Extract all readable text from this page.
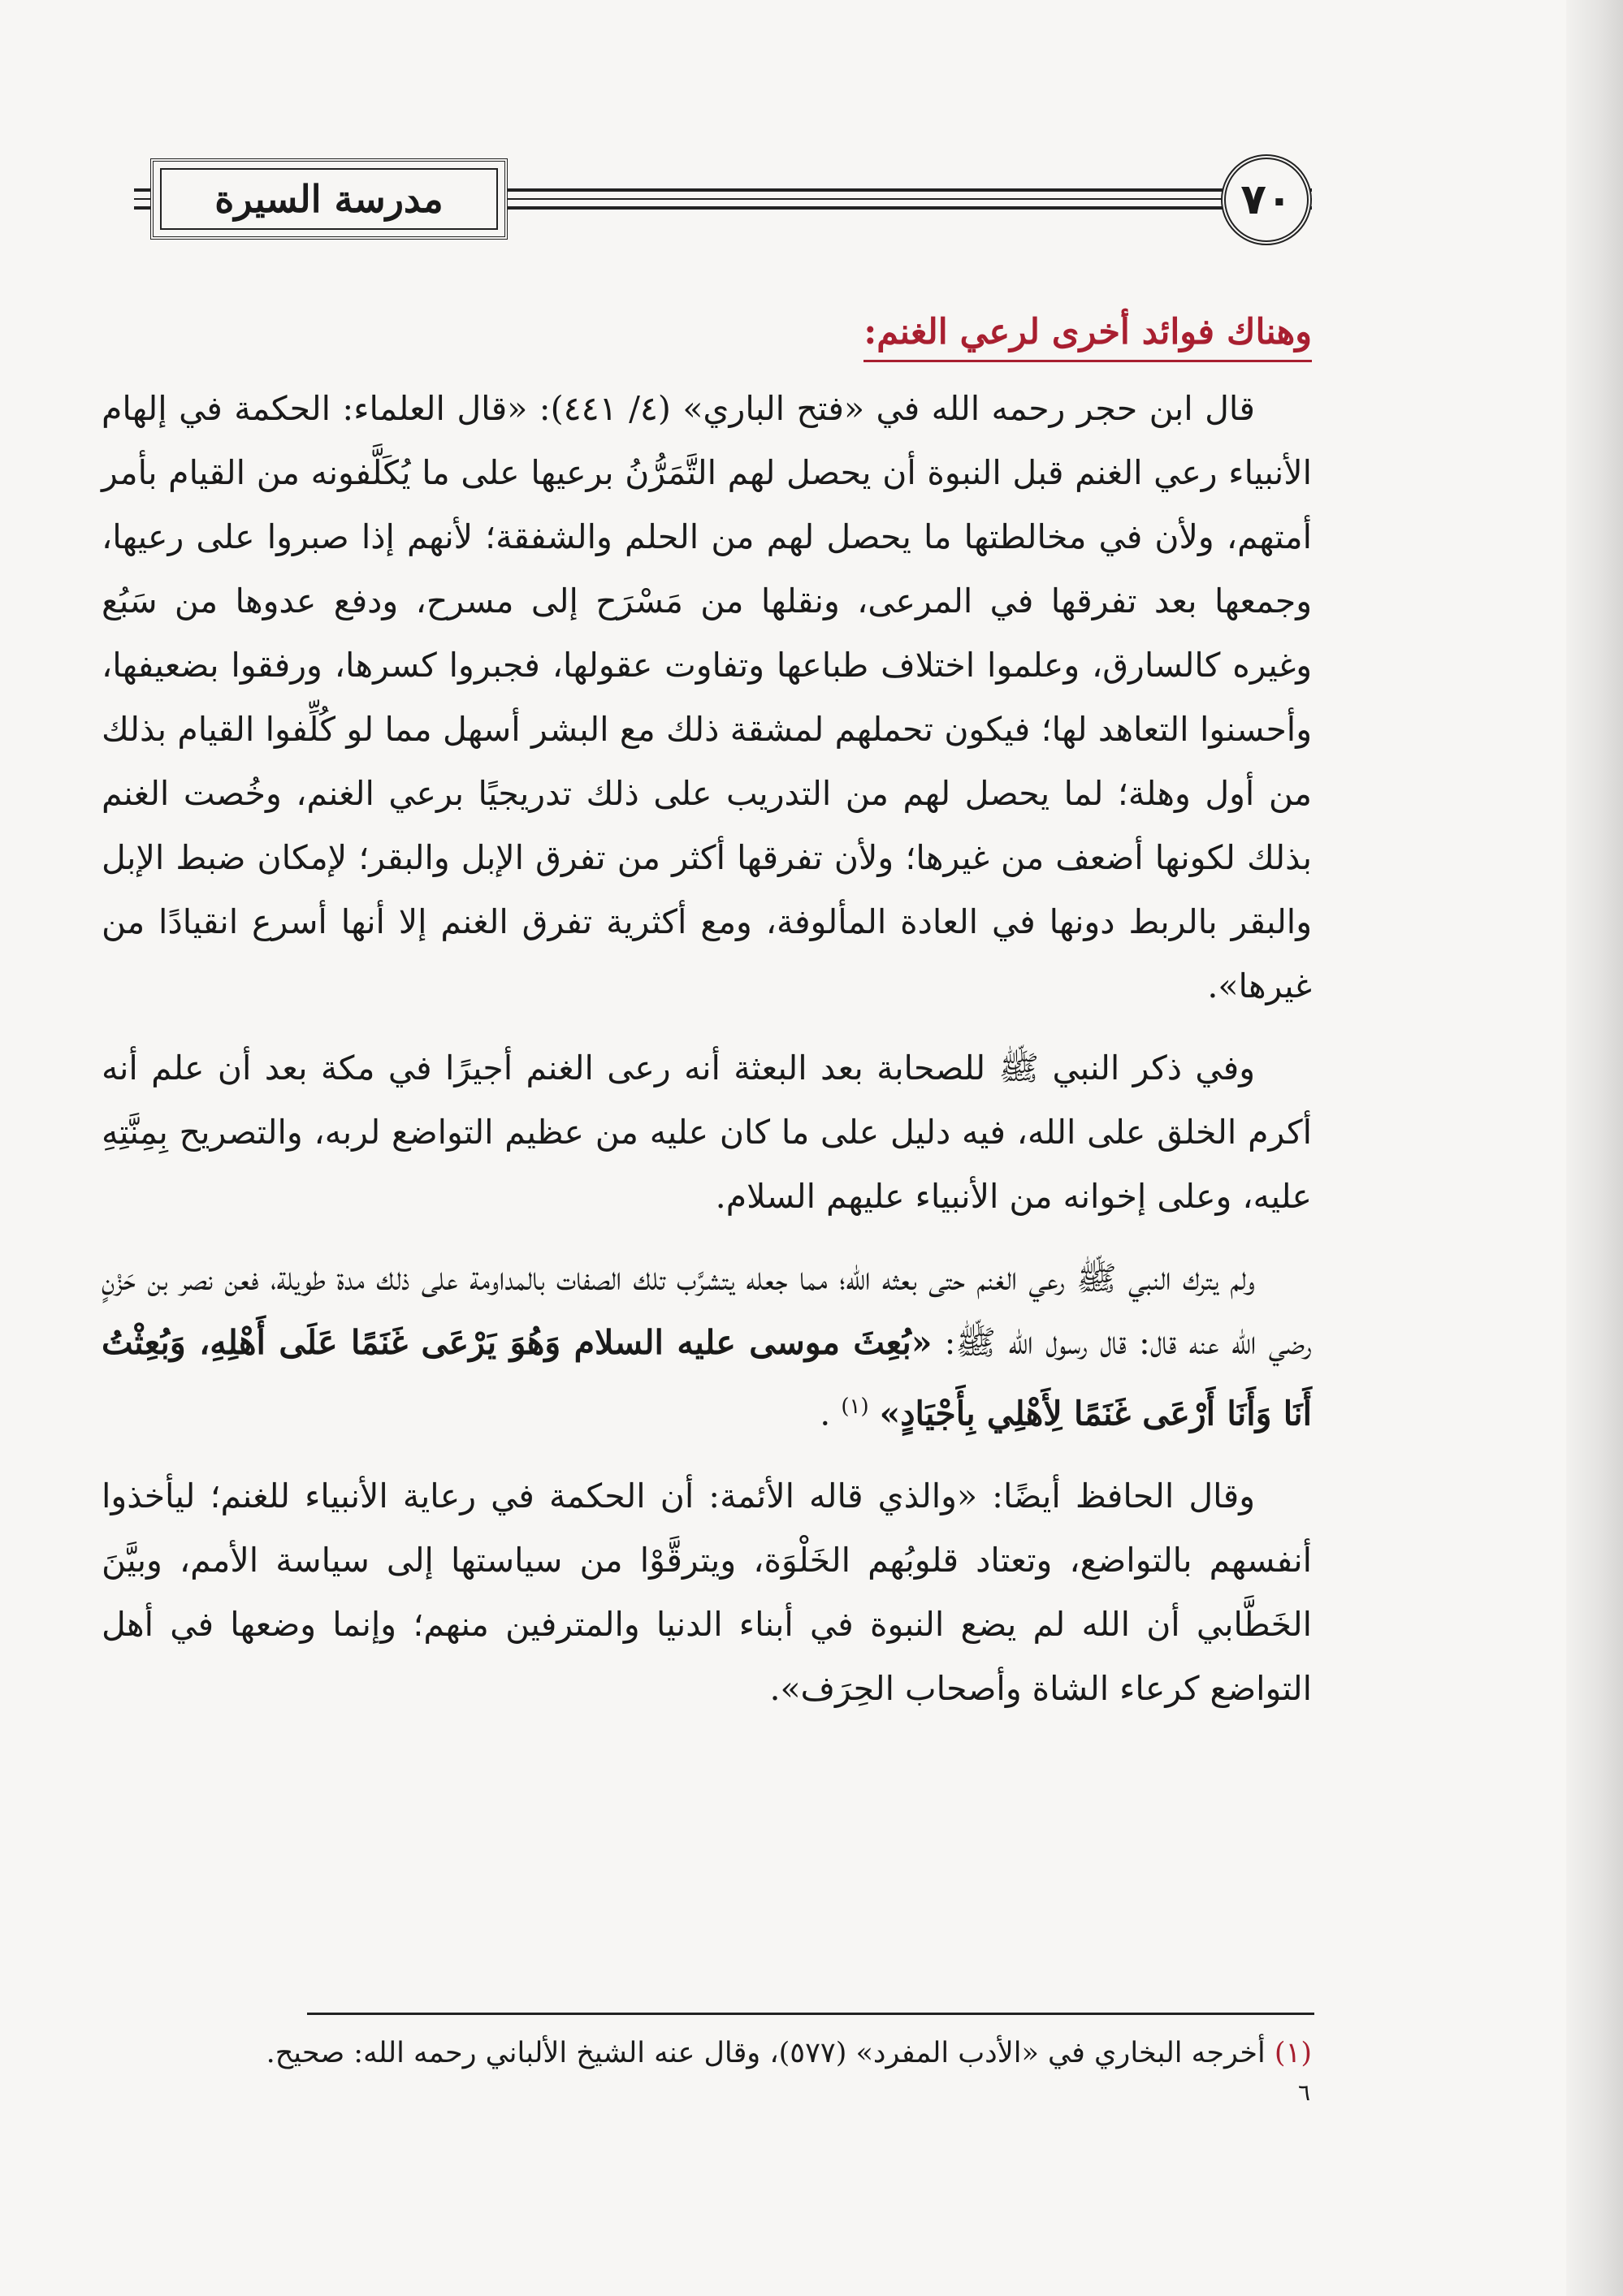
مدرسة السيرة	٧٠
وهناك فوائد أخرى لرعي الغنم:

قال ابن حجر رحمه الله في «فتح الباري» (٤/ ٤٤١): «قال العلماء: الحكمة في إلهام الأنبياء رعي الغنم قبل النبوة أن يحصل لهم التَّمَرُّنُ برعيها على ما يُكَلَّفونه من القيام بأمر أمتهم، ولأن في مخالطتها ما يحصل لهم من الحلم والشفقة؛ لأنهم إذا صبروا على رعيها، وجمعها بعد تفرقها في المرعى، ونقلها من مَسْرَح إلى مسرح، ودفع عدوها من سَبُع وغيره كالسارق، وعلموا اختلاف طباعها وتفاوت عقولها، فجبروا كسرها، ورفقوا بضعيفها، وأحسنوا التعاهد لها؛ فيكون تحملهم لمشقة ذلك مع البشر أسهل مما لو كُلِّفوا القيام بذلك من أول وهلة؛ لما يحصل لهم من التدريب على ذلك تدريجيًا برعي الغنم، وخُصت الغنم بذلك لكونها أضعف من غيرها؛ ولأن تفرقها أكثر من تفرق الإبل والبقر؛ لإمكان ضبط الإبل والبقر بالربط دونها في العادة المألوفة، ومع أكثرية تفرق الغنم إلا أنها أسرع انقيادًا من غيرها».

وفي ذكر النبي ﷺ للصحابة بعد البعثة أنه رعى الغنم أجيرًا في مكة بعد أن علم أنه أكرم الخلق على الله، فيه دليل على ما كان عليه من عظيم التواضع لربه، والتصريح بِمِنَّتِهِ عليه، وعلى إخوانه من الأنبياء عليهم السلام.

ولم يترك النبي ﷺ رعي الغنم حتى بعثه الله؛ مما جعله يتشرَّب تلك الصفات بالمداومة على ذلك مدة طويلة، فعن نصر بن حَزْنٍ رضي الله عنه قال: قال رسول الله ﷺ: «بُعِثَ موسى عليه السلام وَهُوَ يَرْعَى غَنَمًا عَلَى أَهْلِهِ، وَبُعِثْتُ أَنَا وَأَنَا أَرْعَى غَنَمًا لِأَهْلِي بِأَجْيَادٍ» $^{(١)}$ .

وقال الحافظ أيضًا: «والذي قاله الأئمة: أن الحكمة في رعاية الأنبياء للغنم؛ ليأخذوا أنفسهم بالتواضع، وتعتاد قلوبُهم الخَلْوَة، ويترقَّوْا من سياستها إلى سياسة الأمم، وبيَّنَ الخَطَّابي أن الله لم يضع النبوة في أبناء الدنيا والمترفين منهم؛ وإنما وضعها في أهل التواضع كرعاء الشاة وأصحاب الحِرَف».

(١) أخرجه البخاري في «الأدب المفرد» (٥٧٧)، وقال عنه الشيخ الألباني رحمه الله: صحيح.
٦
